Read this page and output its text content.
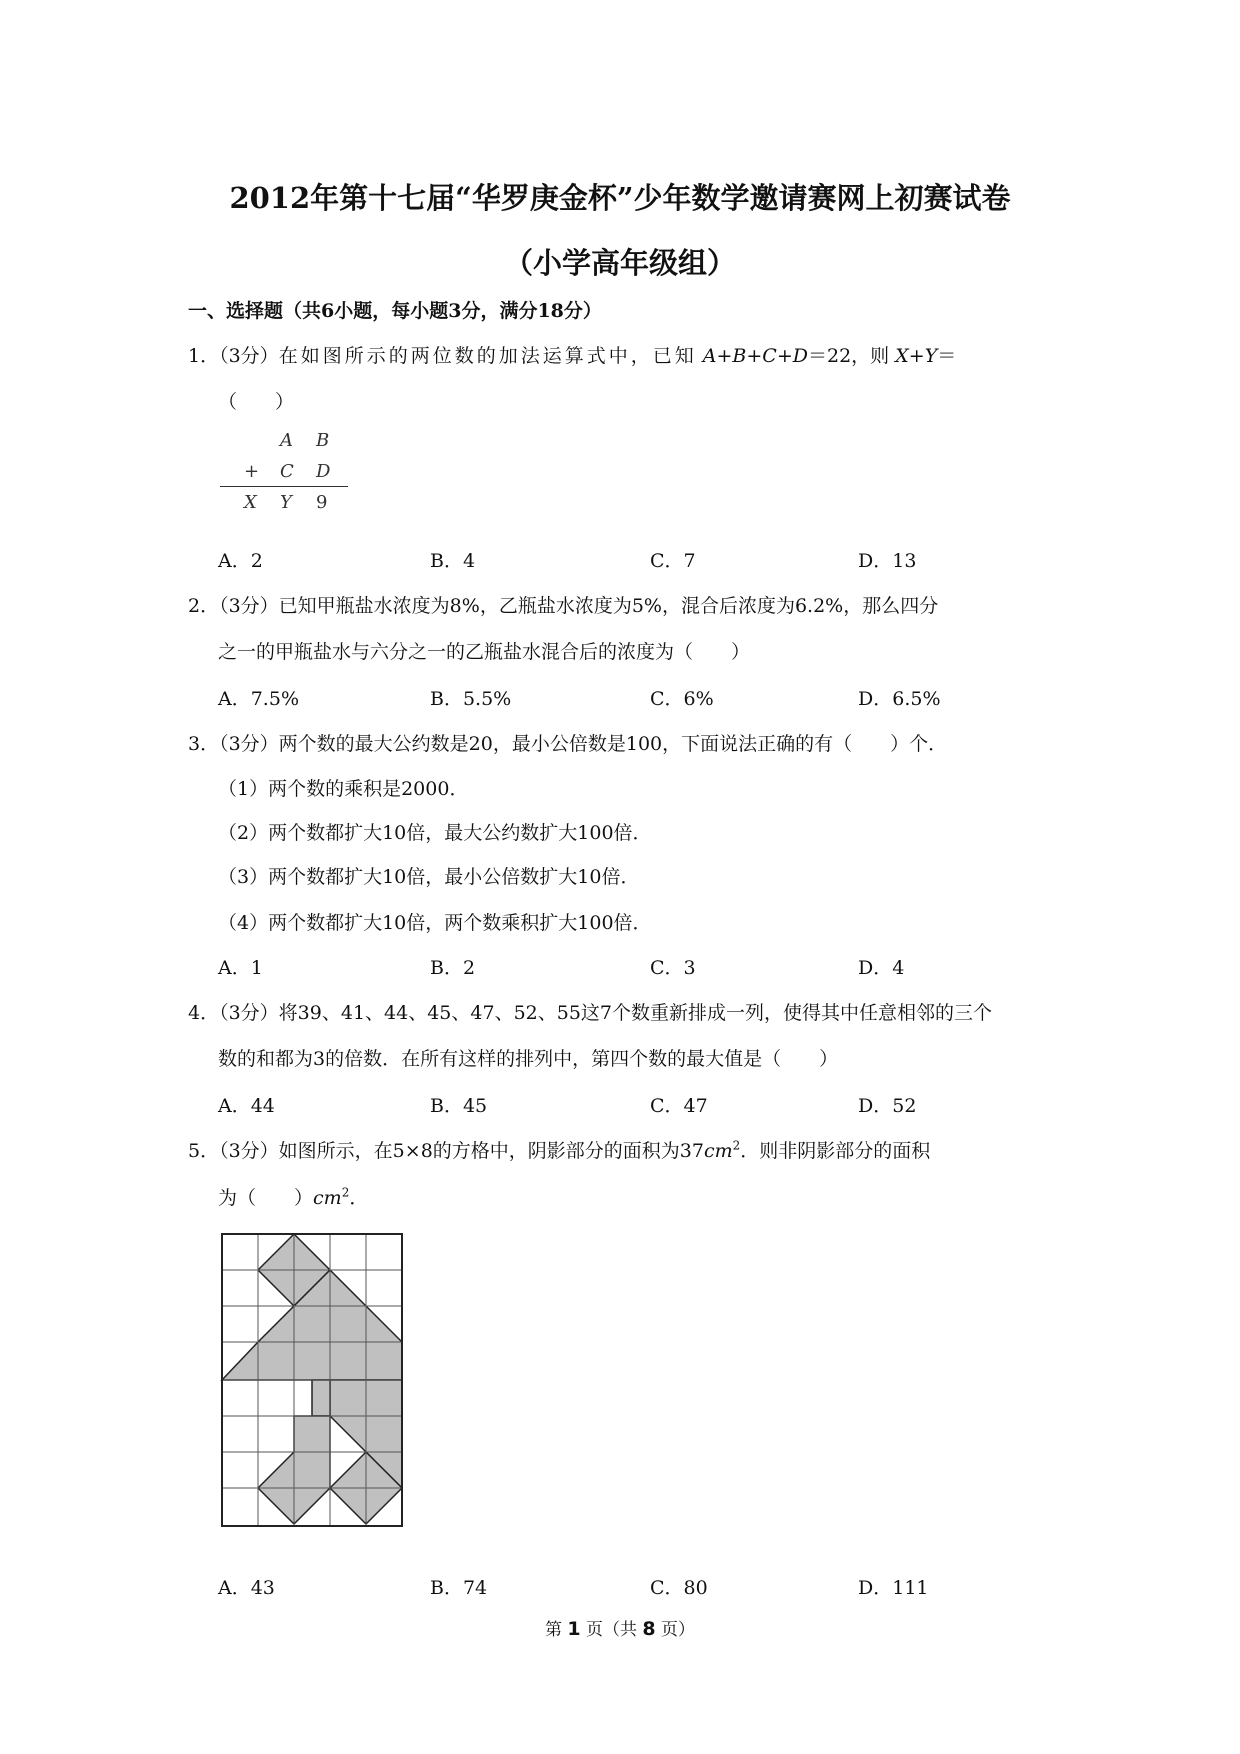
2012年第十七届“华罗庚金杯”少年数学邀请赛网上初赛试卷
（小学高年级组）
一、选择题（共6小题，每小题3分，满分18分）
1．（3分）在如图所示的两位数的加法运算式中，已知 A+B+C+D＝22，则 X+Y＝
（　　）
A B
+ C D
X Y 9
A．2	B．4	C．7	D．13
2．（3分）已知甲瓶盐水浓度为8%，乙瓶盐水浓度为5%，混合后浓度为6.2%，那么四分
之一的甲瓶盐水与六分之一的乙瓶盐水混合后的浓度为（　　）
A．7.5%	B．5.5%	C．6%	D．6.5%
3．（3分）两个数的最大公约数是20，最小公倍数是100，下面说法正确的有（　　）个．
（1）两个数的乘积是2000．
（2）两个数都扩大10倍，最大公约数扩大100倍．
（3）两个数都扩大10倍，最小公倍数扩大10倍．
（4）两个数都扩大10倍，两个数乘积扩大100倍．
A．1	B．2	C．3	D．4
4．（3分）将39、41、44、45、47、52、55这7个数重新排成一列，使得其中任意相邻的三个
数的和都为3的倍数．在所有这样的排列中，第四个数的最大值是（　　）
A．44	B．45	C．47	D．52
5．（3分）如图所示，在5×8的方格中，阴影部分的面积为$37cm^2$．则非阴影部分的面积
为（　　）$cm^2$．
A．43	B．74	C．80	D．111
第 1 页（共 8 页）
